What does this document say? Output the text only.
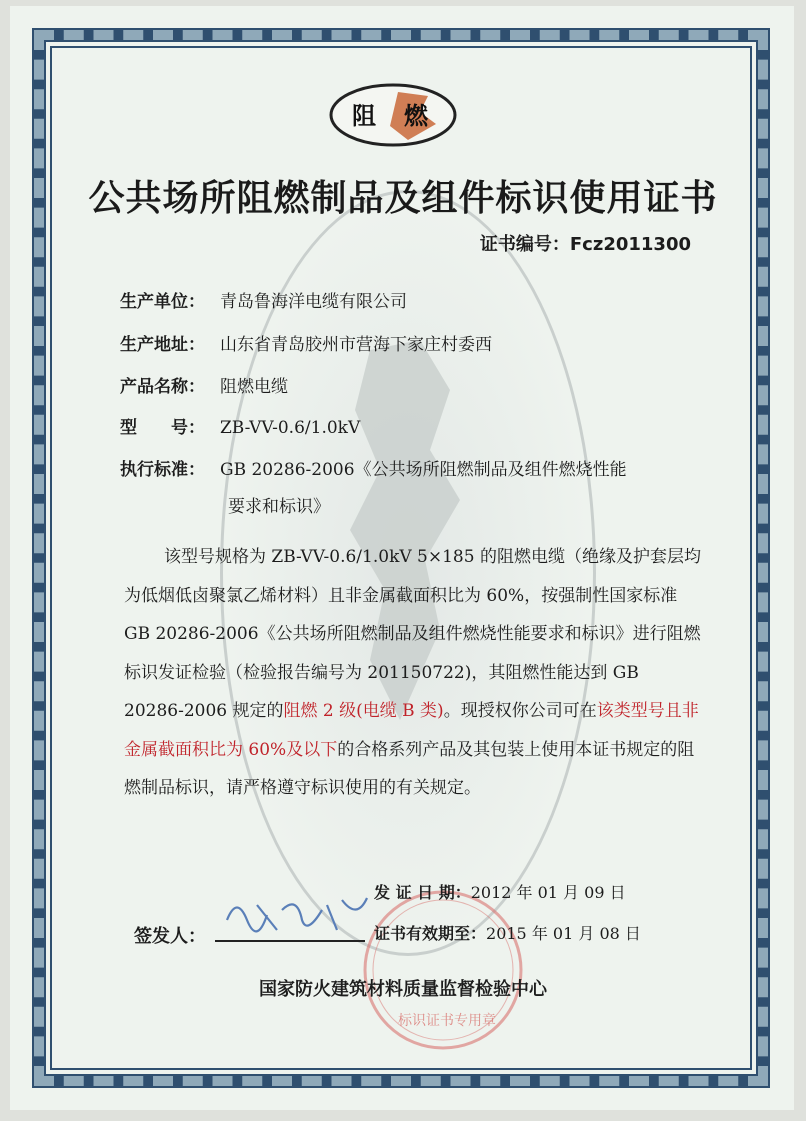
阻 燃
公共场所阻燃制品及组件标识使用证书
证书编号：Fcz2011300
生产单位： 青岛鲁海洋电缆有限公司
生产地址： 山东省青岛胶州市营海下家庄村委西
产品名称： 阻燃电缆
型　　号： ZB-VV-0.6/1.0kV
执行标准： GB 20286-2006《公共场所阻燃制品及组件燃烧性能
要求和标识》
该型号规格为 ZB-VV-0.6/1.0kV 5×185 的阻燃电缆（绝缘及护套层均为低烟低卤聚氯乙烯材料）且非金属截面积比为 60%，按强制性国家标准 GB 20286-2006《公共场所阻燃制品及组件燃烧性能要求和标识》进行阻燃标识发证检验（检验报告编号为 201150722)，其阻燃性能达到 GB 20286-2006 规定的阻燃 2 级(电缆 B 类)。现授权你公司可在该类型号且非金属截面积比为 60%及以下的合格系列产品及其包装上使用本证书规定的阻燃制品标识，请严格遵守标识使用的有关规定。
标识证书专用章
发 证 日 期：2012 年 01 月 09 日
证书有效期至：2015 年 01 月 08 日
签发人：
国家防火建筑材料质量监督检验中心
